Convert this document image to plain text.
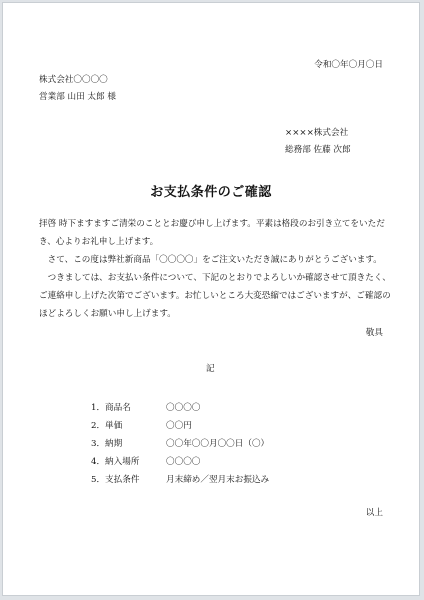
令和〇年〇月〇日
株式会社〇〇〇〇
営業部 山田 太郎 様
××××株式会社
総務部 佐藤 次郎
お支払条件のご確認
拝啓 時下ますますご清栄のこととお慶び申し上げます。平素は格段のお引き立てをいただ
き、心よりお礼申し上げます。
　さて、この度は弊社新商品「〇〇〇〇」をご注文いただき誠にありがとうございます。
　つきましては、お支払い条件について、下記のとおりでよろしいか確認させて頂きたく、
ご連絡申し上げた次第でございます。お忙しいところ大変恐縮ではございますが、ご確認の
ほどよろしくお願い申し上げます。
敬具
記
1．商品名	〇〇〇〇
2．単価	〇〇円
3．納期	〇〇年〇〇月〇〇日（〇）
4．納入場所	〇〇〇〇
5．支払条件	月末締め／翌月末お振込み
以上
